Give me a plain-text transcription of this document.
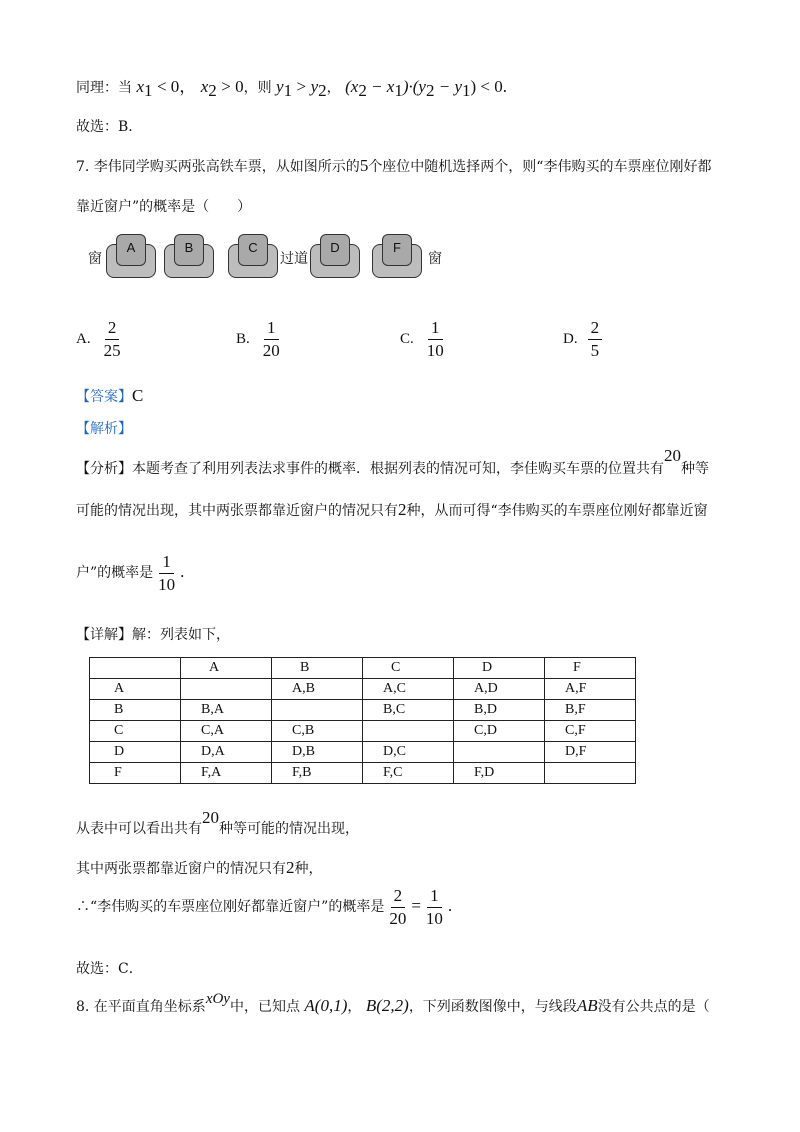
同理：当 $x_1 < 0$， $x_2 > 0$，则 $y_1 > y_2$， $(x_2 - x_1)\cdot(y_2 - y_1) < 0$.
故选：B.
7. 李伟同学购买两张高铁车票，从如图所示的5个座位中随机选择两个，则“李伟购买的车票座位刚好都
靠近窗户”的概率是（　　）
窗
A	B	C
过道
D	F
窗
A. $\frac{2}{25}$	B. $\frac{1}{20}$	C. $\frac{1}{10}$	D. $\frac{2}{5}$
【答案】C
【解析】
【分析】本题考查了利用列表法求事件的概率．根据列表的情况可知，李佳购买车票的位置共有20种等
可能的情况出现，其中两张票都靠近窗户的情况只有2种，从而可得“李伟购买的车票座位刚好都靠近窗
户”的概率是 $\frac{1}{10}$ .
【详解】解：列表如下，
	A	B	C	D	F
A		A,B	A,C	A,D	A,F
B	B,A		B,C	B,D	B,F
C	C,A	C,B		C,D	C,F
D	D,A	D,B	D,C		D,F
F	F,A	F,B	F,C	F,D	
从表中可以看出共有20种等可能的情况出现，
其中两张票都靠近窗户的情况只有2种，
∴“李伟购买的车票座位刚好都靠近窗户”的概率是 $\frac{2}{20} = \frac{1}{10}$ .
故选：C．
8. 在平面直角坐标系xOy中，已知点 A(0,1)， B(2,2)，下列函数图像中，与线段AB没有公共点的是（
